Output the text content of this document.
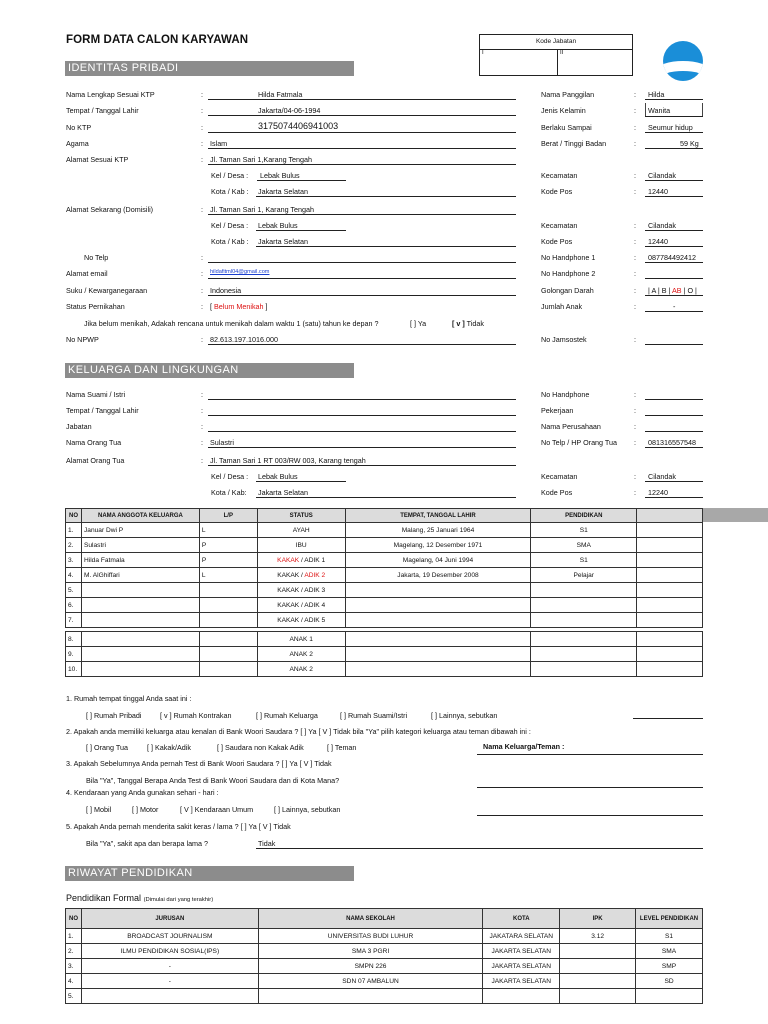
FORM DATA CALON KARYAWAN	Kode Jabatan
I	II
IDENTITAS PRIBADI
Nama Lengkap Sesuai KTP	:	Hilda Fatmala
Tempat / Tanggal Lahir	:	Jakarta/04-06-1994
No KTP	:	3175074406941003
Agama	: Islam
Alamat Sesuai KTP	: Jl. Taman Sari 1,Karang Tengah
Kel / Desa : Lebak Bulus
Kota / Kab : Jakarta Selatan
Alamat Sekarang (Domisili)	: Jl. Taman Sari 1, Karang Tengah
Kel / Desa : Lebak Bulus
Kota / Kab : Jakarta Selatan
No Telp	:
Alamat email	: hildafitml04@gmail.com
Suku / Kewarganegaraan	: Indonesia
Status Pernikahan	: [ Belum Menikah ]
Jika belum menikah, Adakah rencana untuk menikah dalam waktu 1 (satu) tahun ke depan ?	[ ] Ya	[ v ] Tidak
No NPWP	: 82.613.197.1016.000
Nama Panggilan	: Hilda
Jenis Kelamin	: Wanita
Berlaku Sampai	: Seumur hidup
Berat / Tinggi Badan	:	59 Kg
Kecamatan	: Cilandak
Kode Pos	: 12440
Kecamatan	: Cilandak
Kode Pos	: 12440
No Handphone 1	: 087784492412
No Handphone 2	:
Golongan Darah	: | A | B | AB | O |
Jumlah Anak	:	-
No Jamsostek	:
KELUARGA DAN LINGKUNGAN
Nama Suami / Istri	:
Tempat / Tanggal Lahir	:
Jabatan	:
Nama Orang Tua	: Sulastri
Alamat Orang Tua	: Jl. Taman Sari 1 RT 003/RW 003, Karang tengah
Kel / Desa : Lebak Bulus
Kota / Kab: Jakarta Selatan
No Handphone	:
Pekerjaan	:
Nama Perusahaan	:
No Telp / HP Orang Tua : 081316557548
Kecamatan	: Cilandak
Kode Pos	: 12240
NO	NAMA ANGGOTA KELUARGA	L/P	STATUS	TEMPAT, TANGGAL LAHIR	PENDIDIKAN	
1.	Januar Dwi P	L	AYAH	Malang, 25 Januari 1964	S1	
2.	Sulastri	P	IBU	Magelang, 12 Desember 1971	SMA	
3.	Hilda Fatmala	P	KAKAK / ADIK 1	Magelang, 04 Juni 1994	S1	
4.	M. AlGhiffari	L	KAKAK / ADIK 2	Jakarta, 19 Desember 2008	Pelajar	
5.			KAKAK / ADIK 3			
6.			KAKAK / ADIK 4			
7.			KAKAK / ADIK 5			

8.			ANAK 1			
9.			ANAK 2			
10.			ANAK 2			
1. Rumah tempat tinggal Anda saat ini :
[ ] Rumah Pribadi	[ v ] Rumah Kontrakan	[ ] Rumah Keluarga	[ ] Rumah Suami/Istri	[ ] Lainnya, sebutkan
2. Apakah anda memiliki keluarga atau kenalan di Bank Woori Saudara ? [ ] Ya [ V ] Tidak bila "Ya" pilih kategori keluarga atau teman dibawah ini :
[ ] Orang Tua	[ ] Kakak/Adik	[ ] Saudara non Kakak Adik	[ ] Teman	Nama Keluarga/Teman :
3. Apakah Sebelumnya Anda pernah Test di Bank Woori Saudara ? [ ] Ya [ V ] Tidak
Bila "Ya", Tanggal Berapa Anda Test di Bank Woori Saudara dan di Kota Mana?
4. Kendaraan yang Anda gunakan sehari - hari :
[ ] Mobil	[ ] Motor	[ V ] Kendaraan Umum	[ ] Lainnya, sebutkan
5. Apakah Anda pernah menderita sakit keras / lama ? [ ] Ya [ V ] Tidak
Bila "Ya", sakit apa dan berapa lama ?	Tidak
RIWAYAT PENDIDIKAN
Pendidikan Formal (Dimulai dari yang terakhir)
NO	JURUSAN	NAMA SEKOLAH	KOTA	IPK	LEVEL PENDIDIKAN
1.	BROADCAST JOURNALISM	UNIVERSITAS BUDI LUHUR	JAKATARA SELATAN	3.12	S1
2.	ILMU PENDIDIKAN SOSIAL(IPS)	SMA 3 PGRI	JAKARTA SELATAN		SMA
3.	-	SMPN 226	JAKARTA SELATAN		SMP
4.	-	SDN 07 AMBALUN	JAKARTA SELATAN		SD
5.					
